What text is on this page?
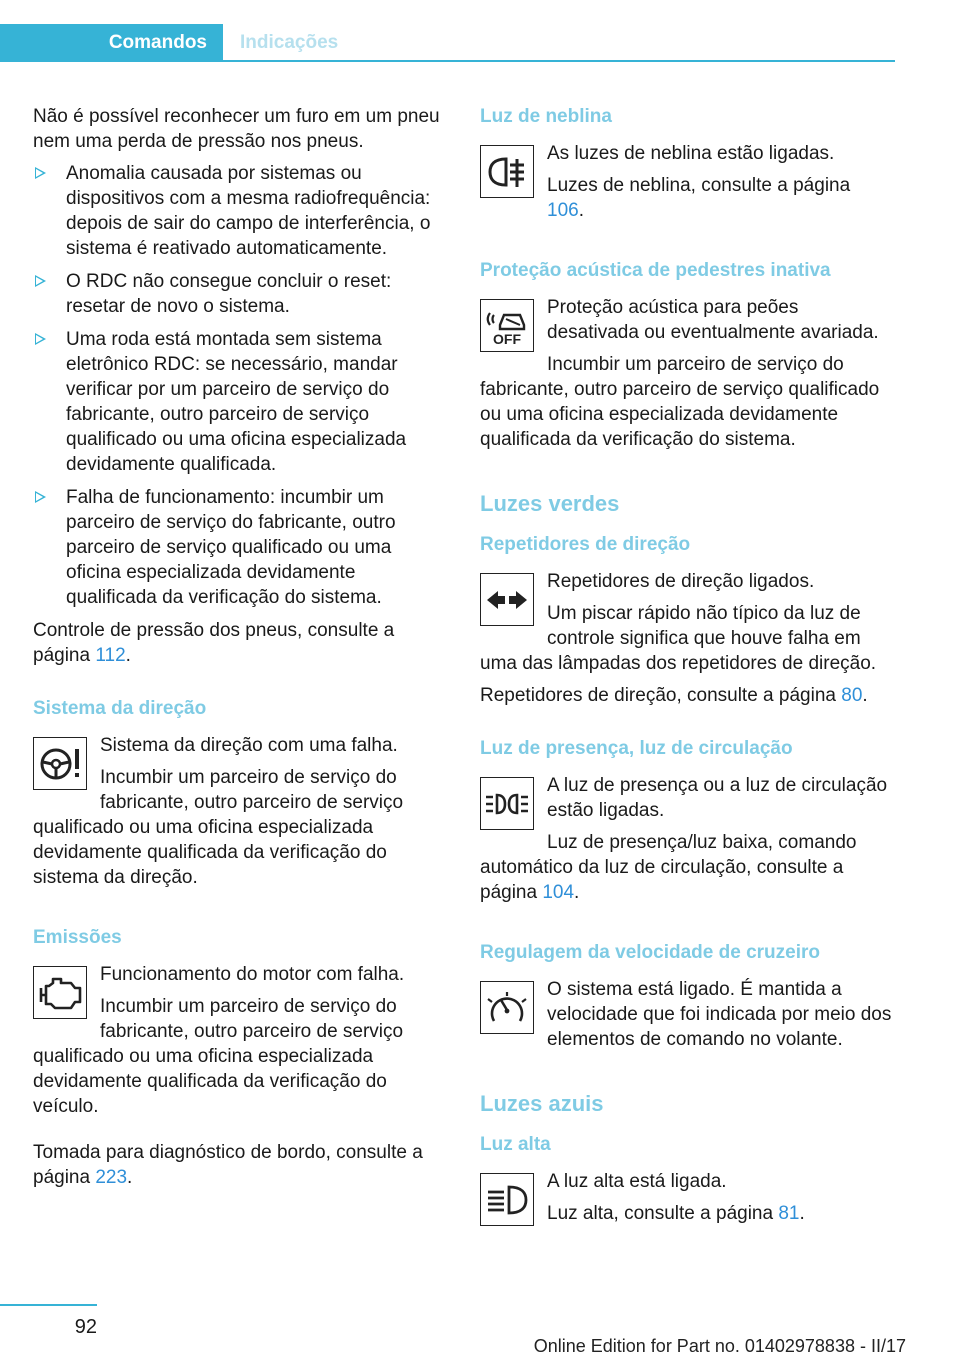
Comandos	Indicações

Não é possível reconhecer um furo em um pneu nem uma perda de pressão nos pneus.

Anomalia causada por sistemas ou dispositivos com a mesma radiofrequência: depois de sair do campo de interferência, o sistema é reativado automaticamente.
O RDC não consegue concluir o reset: resetar de novo o sistema.
Uma roda está montada sem sistema eletrônico RDC: se necessário, mandar verificar por um parceiro de serviço do fabricante, outro parceiro de serviço qualificado ou uma oficina especializada devidamente qualificada.
Falha de funcionamento: incumbir um parceiro de serviço do fabricante, outro parceiro de serviço qualificado ou uma oficina especializada devidamente qualificada da verificação do sistema.

Controle de pressão dos pneus, consulte a página 112.

Sistema da direção

Sistema da direção com uma falha.

Incumbir um parceiro de serviço do fabricante, outro parceiro de serviço qualificado ou uma oficina especializada devidamente qualificada da verificação do sistema da direção.

Emissões

Funcionamento do motor com falha.

Incumbir um parceiro de serviço do fabricante, outro parceiro de serviço qualificado ou uma oficina especializada devidamente qualificada da verificação do veículo.

Tomada para diagnóstico de bordo, consulte a página 223.

Luz de neblina

As luzes de neblina estão ligadas.

Luzes de neblina, consulte a página
106.

Proteção acústica de pedestres inativa
OFF

Proteção acústica para peões desativada ou eventualmente avariada.

Incumbir um parceiro de serviço do fabricante, outro parceiro de serviço qualificado ou uma oficina especializada devidamente qualificada da verificação do sistema.

Luzes verdes
Repetidores de direção

Repetidores de direção ligados.

Um piscar rápido não típico da luz de controle significa que houve falha em uma das lâmpadas dos repetidores de direção.

Repetidores de direção, consulte a página 80.

Luz de presença, luz de circulação

A luz de presença ou a luz de circulação estão ligadas.

Luz de presença/luz baixa, comando automático da luz de circulação, consulte a página 104.

Regulagem da velocidade de cruzeiro

O sistema está ligado. É mantida a velocidade que foi indicada por meio dos elementos de comando no volante.

Luzes azuis
Luz alta

A luz alta está ligada.

Luz alta, consulte a página 81.

92
Online Edition for Part no. 01402978838 - II/17
